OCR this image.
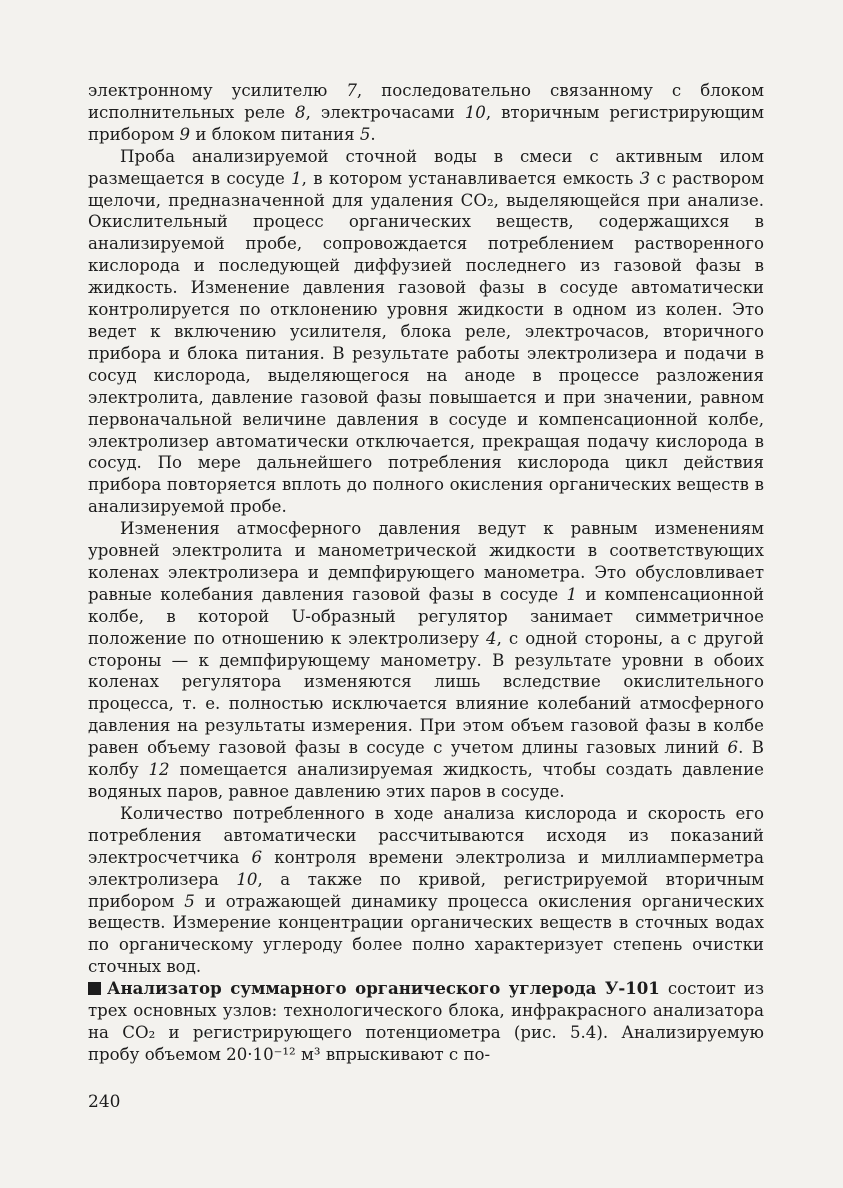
электронному усилителю 7, последовательно связанному с блоком исполнительных реле 8, электрочасами 10, вторичным регистрирующим прибором 9 и блоком питания 5.

Проба анализируемой сточной воды в смеси с активным илом размещается в сосуде 1, в котором устанавливается емкость 3 с раствором щелочи, предназначенной для удаления CO₂, выделяющейся при анализе. Окислительный процесс органических веществ, содержащихся в анализируемой пробе, сопровождается потреблением растворенного кислорода и последующей диффузией последнего из газовой фазы в жидкость. Изменение давления газовой фазы в сосуде автоматически контролируется по отклонению уровня жидкости в одном из колен. Это ведет к включению усилителя, блока реле, электрочасов, вторичного прибора и блока питания. В результате работы электролизера и подачи в сосуд кислорода, выделяющегося на аноде в процессе разложения электролита, давление газовой фазы повышается и при значении, равном первоначальной величине давления в сосуде и компенсационной колбе, электролизер автоматически отключается, прекращая подачу кислорода в сосуд. По мере дальнейшего потребления кислорода цикл действия прибора повторяется вплоть до полного окисления органических веществ в анализируемой пробе.

Изменения атмосферного давления ведут к равным изменениям уровней электролита и манометрической жидкости в соответствующих коленах электролизера и демпфирующего манометра. Это обусловливает равные колебания давления газовой фазы в сосуде 1 и компенсационной колбе, в которой U-образный регулятор занимает симметричное положение по отношению к электролизеру 4, с одной стороны, а с другой стороны — к демпфирующему манометру. В результате уровни в обоих коленах регулятора изменяются лишь вследствие окислительного процесса, т. е. полностью исключается влияние колебаний атмосферного давления на результаты измерения. При этом объем газовой фазы в колбе равен объему газовой фазы в сосуде с учетом длины газовых линий 6. В колбу 12 помещается анализируемая жидкость, чтобы создать давление водяных паров, равное давлению этих паров в сосуде.

Количество потребленного в ходе анализа кислорода и скорость его потребления автоматически рассчитываются исходя из показаний электросчетчика 6 контроля времени электролиза и миллиамперметра электролизера 10, а также по кривой, регистрируемой вторичным прибором 5 и отражающей динамику процесса окисления органических веществ. Измерение концентрации органических веществ в сточных водах по органическому углероду более полно характеризует степень очистки сточных вод.

Анализатор суммарного органического углерода У-101 состоит из трех основных узлов: технологического блока, инфракрасного анализатора на CO₂ и регистрирующего потенциометра (рис. 5.4). Анализируемую пробу объемом 20·10⁻¹² м³ впрыскивают с по-

240
